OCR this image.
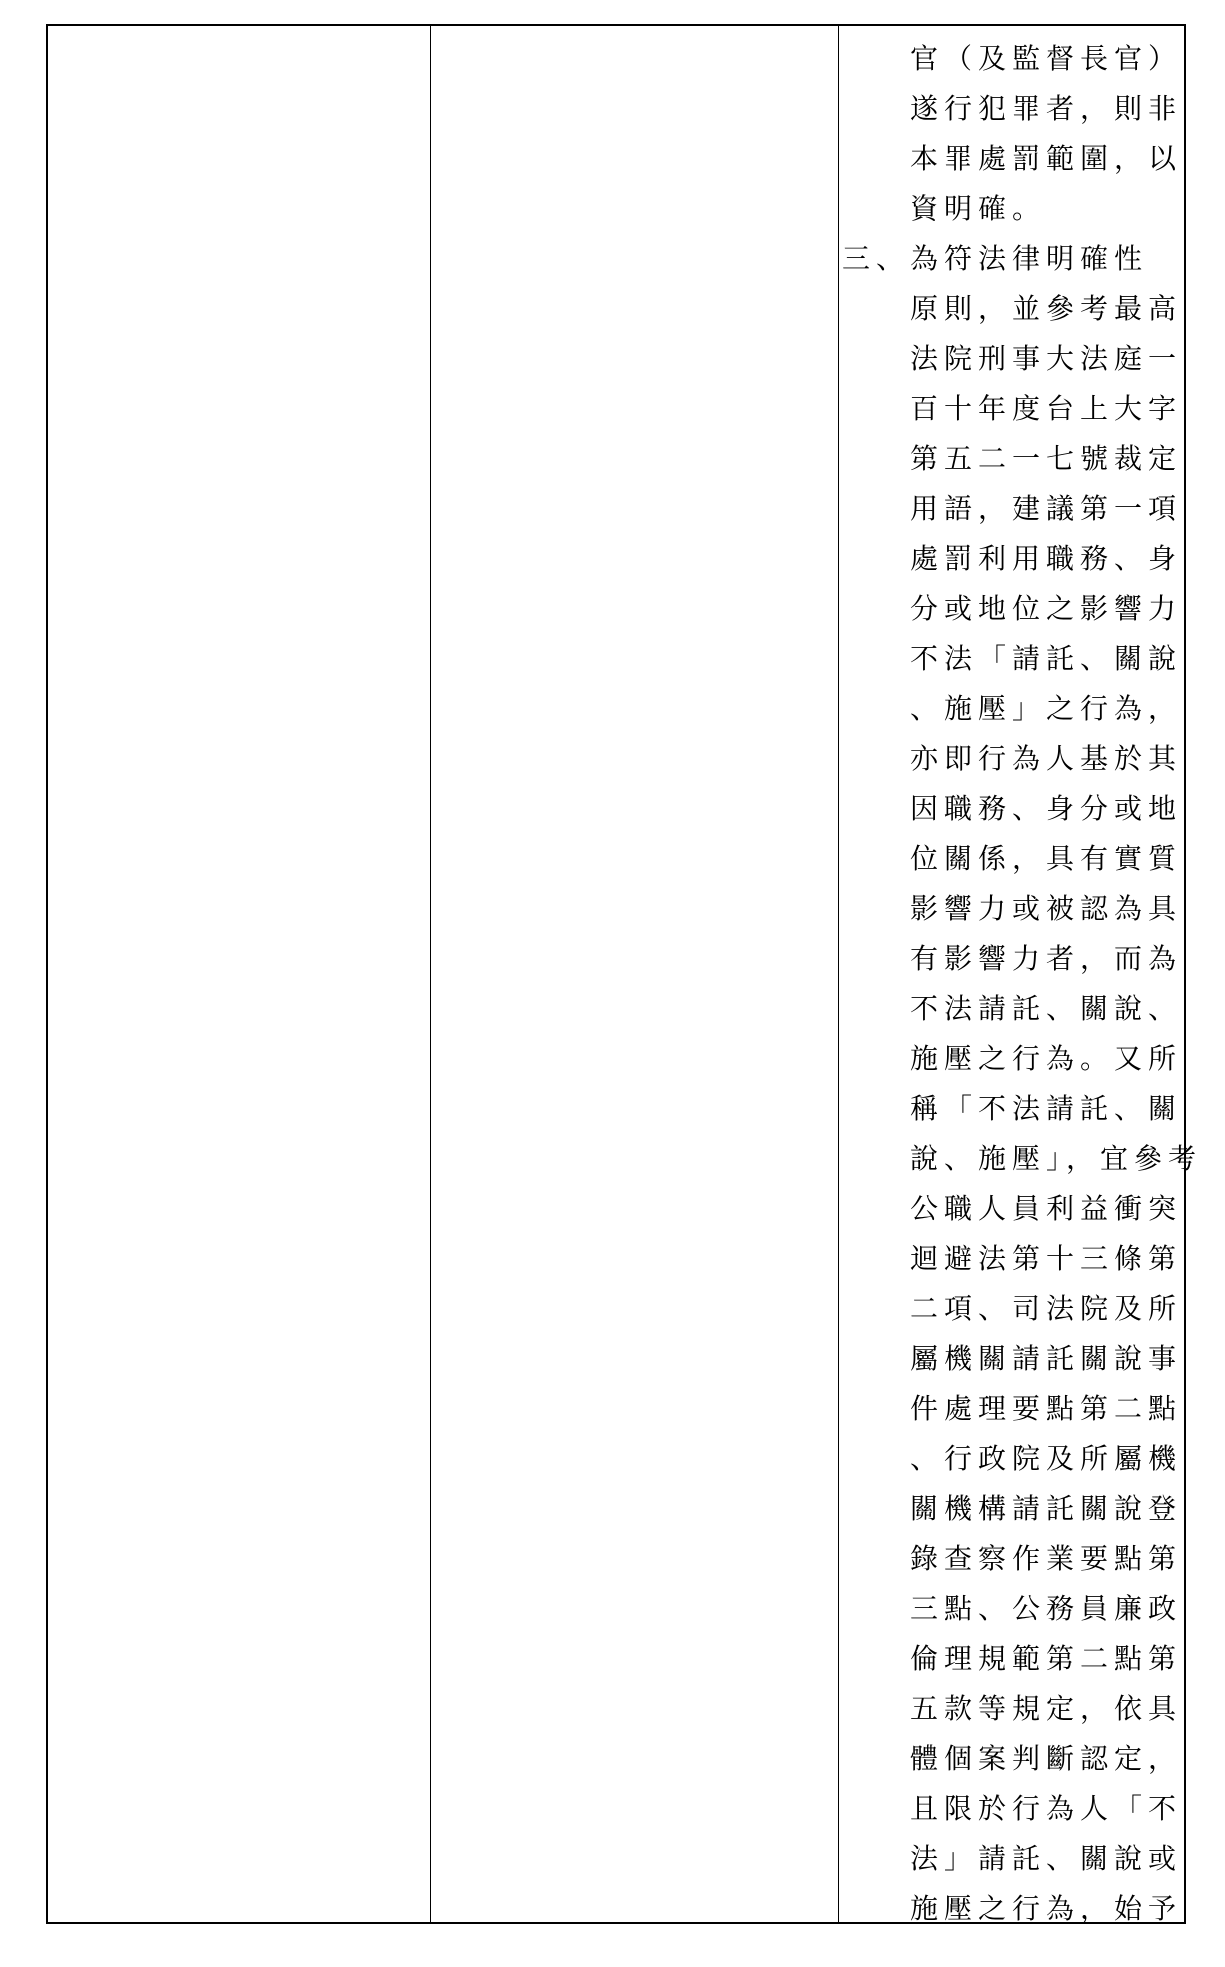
官（及監督長官）
遂行犯罪者，則非
本罪處罰範圍，以
資明確。
三、 為符法律明確性
原則，並參考最高
法院刑事大法庭一
百十年度台上大字
第五二一七號裁定
用語，建議第一項
處罰利用職務、身
分或地位之影響力
不法「請託、關說
、施壓」之行為，
亦即行為人基於其
因職務、身分或地
位關係，具有實質
影響力或被認為具
有影響力者，而為
不法請託、關說、
施壓之行為。又所
稱「不法請託、關
說、施壓」，宜參考
公職人員利益衝突
迴避法第十三條第
二項、司法院及所
屬機關請託關說事
件處理要點第二點
、行政院及所屬機
關機構請託關說登
錄查察作業要點第
三點、公務員廉政
倫理規範第二點第
五款等規定，依具
體個案判斷認定，
且限於行為人「不
法」請託、關說或
施壓之行為，始予
